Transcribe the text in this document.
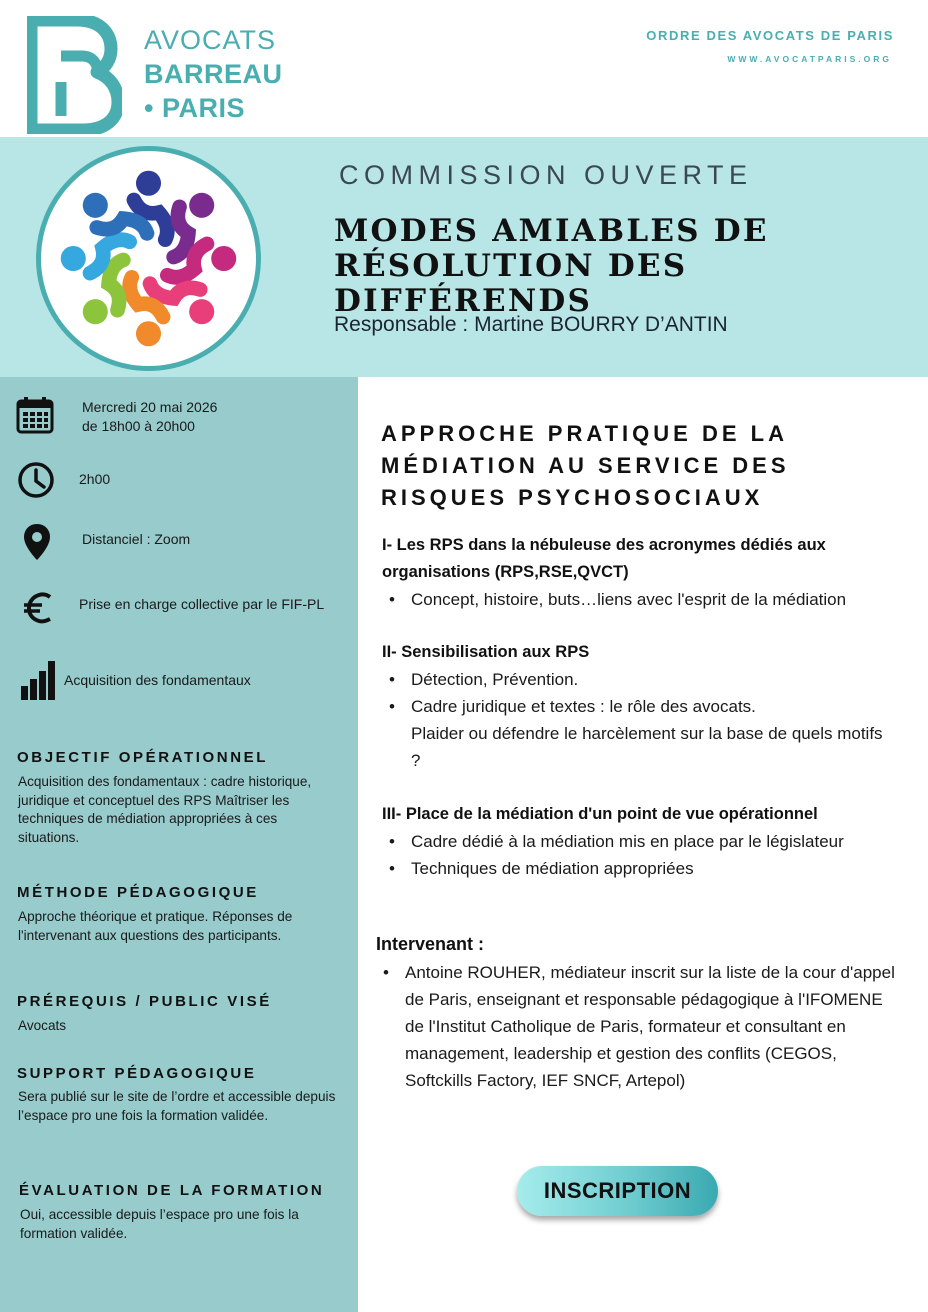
AVOCATS
BARREAU
• PARIS
ORDRE DES AVOCATS DE PARIS
WWW.AVOCATPARIS.ORG
COMMISSION OUVERTE
MODES AMIABLES DE
RÉSOLUTION DES DIFFÉRENDS
Responsable : Martine BOURRY D’ANTIN
Mercredi 20 mai 2026
de 18h00 à 20h00
2h00
Distanciel : Zoom
Prise en charge collective par le FIF-PL
Acquisition des fondamentaux
OBJECTIF OPÉRATIONNEL
Acquisition des fondamentaux : cadre historique, juridique et conceptuel des RPS Maîtriser les techniques de médiation appropriées à ces situations.
MÉTHODE PÉDAGOGIQUE
Approche théorique et pratique. Réponses de l'intervenant aux questions des participants.
PRÉREQUIS / PUBLIC VISÉ
Avocats
SUPPORT PÉDAGOGIQUE
Sera publié sur le site de l’ordre et accessible depuis l’espace pro une fois la formation validée.
ÉVALUATION DE LA FORMATION
Oui, accessible depuis l’espace pro une fois la formation validée.
APPROCHE PRATIQUE DE LA
MÉDIATION AU SERVICE DES
RISQUES PSYCHOSOCIAUX
I- Les RPS dans la nébuleuse des acronymes dédiés aux organisations (RPS,RSE,QVCT)
• Concept, histoire, buts…liens avec l'esprit de la médiation
II- Sensibilisation aux RPS
• Détection, Prévention.
• Cadre juridique et textes : le rôle des avocats.
Plaider ou défendre le harcèlement sur la base de quels motifs ?
III- Place de la médiation d'un point de vue opérationnel
• Cadre dédié à la médiation mis en place par le législateur
• Techniques de médiation appropriées
Intervenant :
• Antoine ROUHER, médiateur inscrit sur la liste de la cour d'appel de Paris, enseignant et responsable pédagogique à l'IFOMENE de l'Institut Catholique de Paris, formateur et consultant en management, leadership et gestion des conflits (CEGOS, Softckills Factory, IEF SNCF, Artepol)
INSCRIPTION
